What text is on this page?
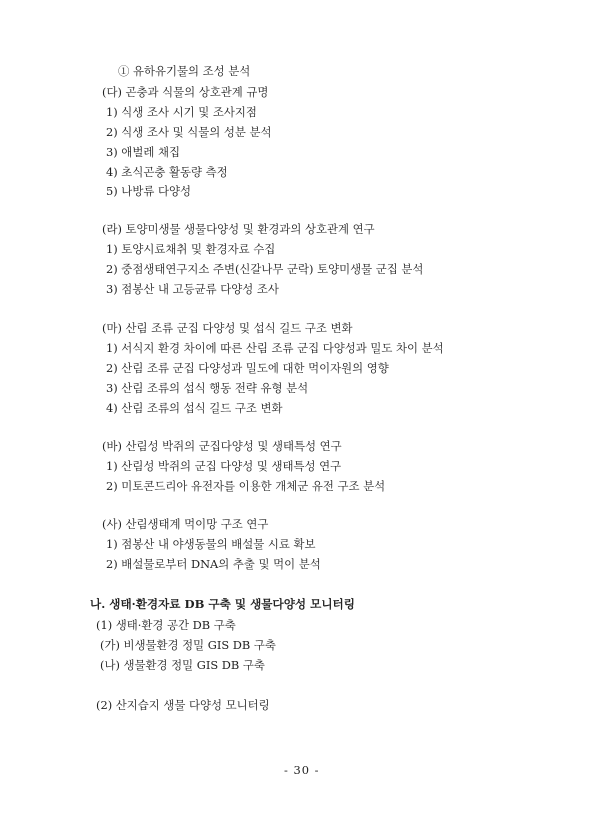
① 유하유기물의 조성 분석
(다) 곤충과 식물의 상호관계 규명
1) 식생 조사 시기 및 조사지점
2) 식생 조사 및 식물의 성분 분석
3) 애벌레 채집
4) 초식곤충 활동량 측정
5) 나방류 다양성
(라) 토양미생물 생물다양성 및 환경과의 상호관계 연구
1) 토양시료채취 및 환경자료 수집
2) 중점생태연구지소 주변(신갈나무 군락) 토양미생물 군집 분석
3) 점봉산 내 고등균류 다양성 조사
(마) 산림 조류 군집 다양성 및 섭식 길드 구조 변화
1) 서식지 환경 차이에 따른 산림 조류 군집 다양성과 밀도 차이 분석
2) 산림 조류 군집 다양성과 밀도에 대한 먹이자원의 영향
3) 산림 조류의 섭식 행동 전략 유형 분석
4) 산림 조류의 섭식 길드 구조 변화
(바) 산림성 박쥐의 군집다양성 및 생태특성 연구
1) 산림성 박쥐의 군집 다양성 및 생태특성 연구
2) 미토콘드리아 유전자를 이용한 개체군 유전 구조 분석
(사) 산림생태계 먹이망 구조 연구
1) 점봉산 내 야생동물의 배설물 시료 확보
2) 배설물로부터 DNA의 추출 및 먹이 분석
나. 생태·환경자료 DB 구축 및 생물다양성 모니터링
(1) 생태·환경 공간 DB 구축
(가) 비생물환경 정밀 GIS DB 구축
(나) 생물환경 정밀 GIS DB 구축
(2) 산지습지 생물 다양성 모니터링
- 30 -
